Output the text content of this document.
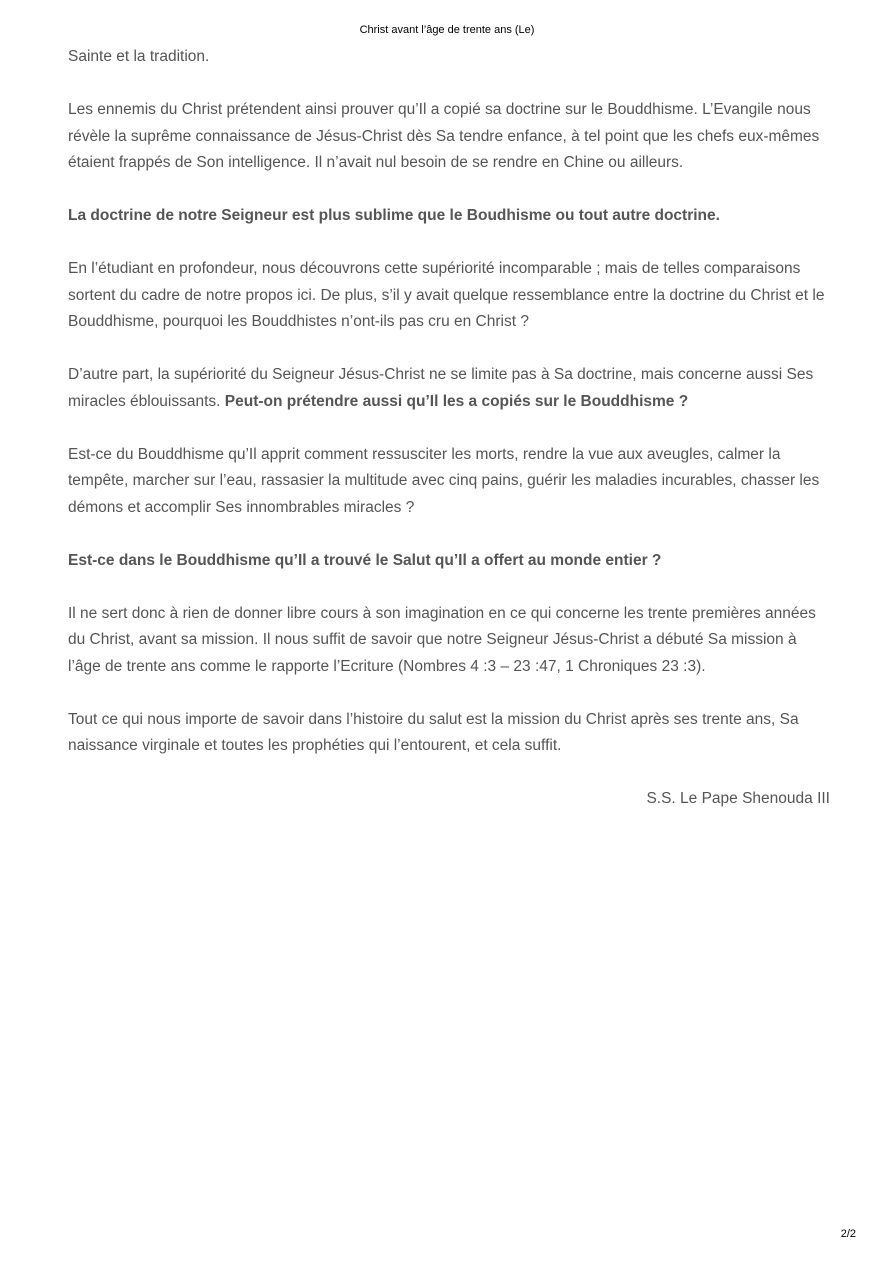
Christ avant l’âge de trente ans (Le)

Sainte et la tradition.

Les ennemis du Christ prétendent ainsi prouver qu’Il a copié sa doctrine sur le Bouddhisme. L’Evangile nous révèle la suprême connaissance de Jésus-Christ dès Sa tendre enfance, à tel point que les chefs eux-mêmes étaient frappés de Son intelligence. Il n’avait nul besoin de se rendre en Chine ou ailleurs.

La doctrine de notre Seigneur est plus sublime que le Boudhisme ou tout autre doctrine.

En l’étudiant en profondeur, nous découvrons cette supériorité incomparable ; mais de telles comparaisons sortent du cadre de notre propos ici. De plus, s’il y avait quelque ressemblance entre la doctrine du Christ et le Bouddhisme, pourquoi les Bouddhistes n’ont-ils pas cru en Christ ?

D’autre part, la supériorité du Seigneur Jésus-Christ ne se limite pas à Sa doctrine, mais concerne aussi Ses miracles éblouissants. Peut-on prétendre aussi qu’Il les a copiés sur le Bouddhisme ?

Est-ce du Bouddhisme qu’Il apprit comment ressusciter les morts, rendre la vue aux aveugles, calmer la tempête, marcher sur l’eau, rassasier la multitude avec cinq pains, guérir les maladies incurables, chasser les démons et accomplir Ses innombrables miracles ?

Est-ce dans le Bouddhisme qu’Il a trouvé le Salut qu’Il a offert au monde entier ?

Il ne sert donc à rien de donner libre cours à son imagination en ce qui concerne les trente premières années du Christ, avant sa mission. Il nous suffit de savoir que notre Seigneur Jésus-Christ a débuté Sa mission à l’âge de trente ans comme le rapporte l’Ecriture (Nombres 4 :3 – 23 :47, 1 Chroniques 23 :3).

Tout ce qui nous importe de savoir dans l’histoire du salut est la mission du Christ après ses trente ans, Sa naissance virginale et toutes les prophéties qui l’entourent, et cela suffit.

S.S. Le Pape Shenouda III

2/2
